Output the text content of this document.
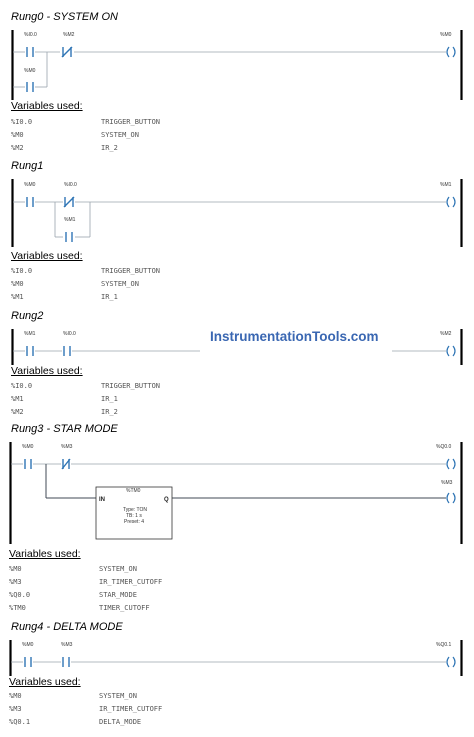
Rung0 - SYSTEM ON
%I0.0	%M2
%M0
%M0
Variables used:
%I0.0	TRIGGER_BUTTON
%M0	SYSTEM_ON
%M2	IR_2
Rung1
%M0	%I0.0
%M1
%M1
Variables used:
%I0.0	TRIGGER_BUTTON
%M0	SYSTEM_ON
%M1	IR_1
Rung2
%M1	%I0.0	%M2
InstrumentationTools.com
Variables used:
%I0.0	TRIGGER_BUTTON
%M1	IR_1
%M2	IR_2
Rung3 - STAR MODE
%M0	%M3
%TM0
IN	Q
Type: TON
TB: 1 s
Preset: 4
%Q0.0
%M3
Variables used:
%M0	SYSTEM_ON
%M3	IR_TIMER_CUTOFF
%Q0.0	STAR_MODE
%TM0	TIMER_CUTOFF
Rung4 - DELTA MODE
%M0	%M3	%Q0.1
Variables used:
%M0	SYSTEM_ON
%M3	IR_TIMER_CUTOFF
%Q0.1	DELTA_MODE
